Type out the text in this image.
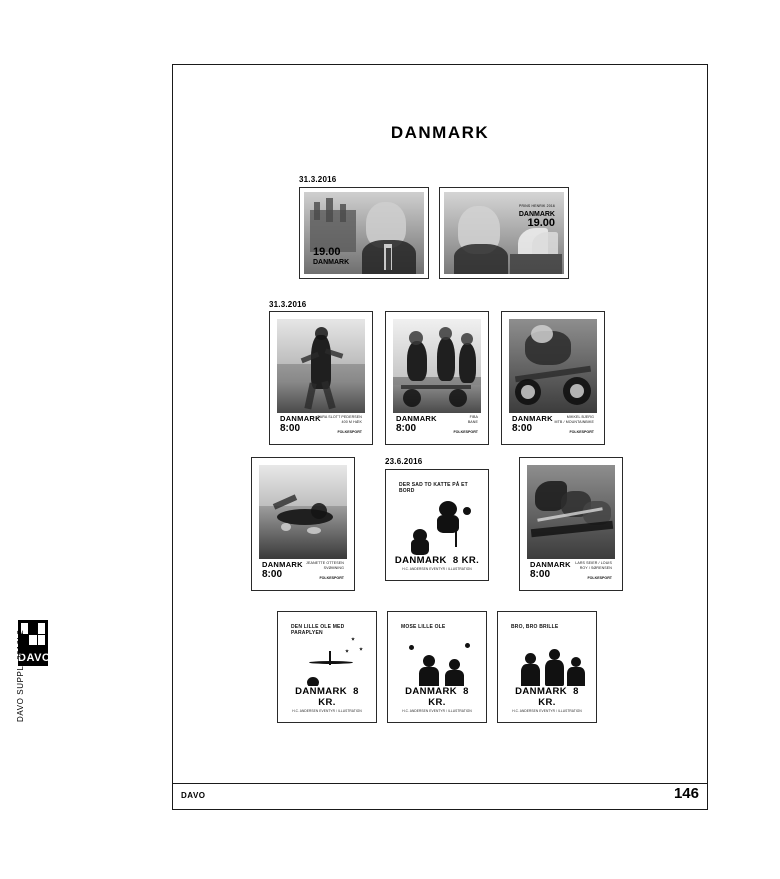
DAVO
DAVO SUPPL. 2016L2
DANMARK
31.3.2016
19.00
DANMARK
PRINS HENRIK 2016
DANMARK
19.00
31.3.2016
SARA SLOTT PEDERSEN
400 M HÆK
DANMARK
8:00	FOLKESPORT
FIBA
BANE
DANMARK
8:00	FOLKESPORT
MIKKEL BJERG
MTB / MOUNTAINBIKE
DANMARK
8:00	FOLKESPORT
23.6.2016
JEANETTE OTTESEN
SVØMNING
DANMARK
8:00	FOLKESPORT
DER SAD TO KATTE PÅ ET BORD
DANMARK 8 KR.
H.C. ANDERSEN EVENTYR / ILLUSTRATION
LARS SEIER / LOUIS
ROY / SØRENSEN
DANMARK
8:00	FOLKESPORT
DEN LILLE OLE MED PARAPLYEN
DANMARK 8 KR.
H.C. ANDERSEN EVENTYR / ILLUSTRATION
MOSE LILLE OLE
DANMARK 8 KR.
H.C. ANDERSEN EVENTYR / ILLUSTRATION
BRO, BRO BRILLE
DANMARK 8 KR.
H.C. ANDERSEN EVENTYR / ILLUSTRATION
DAVO	146
